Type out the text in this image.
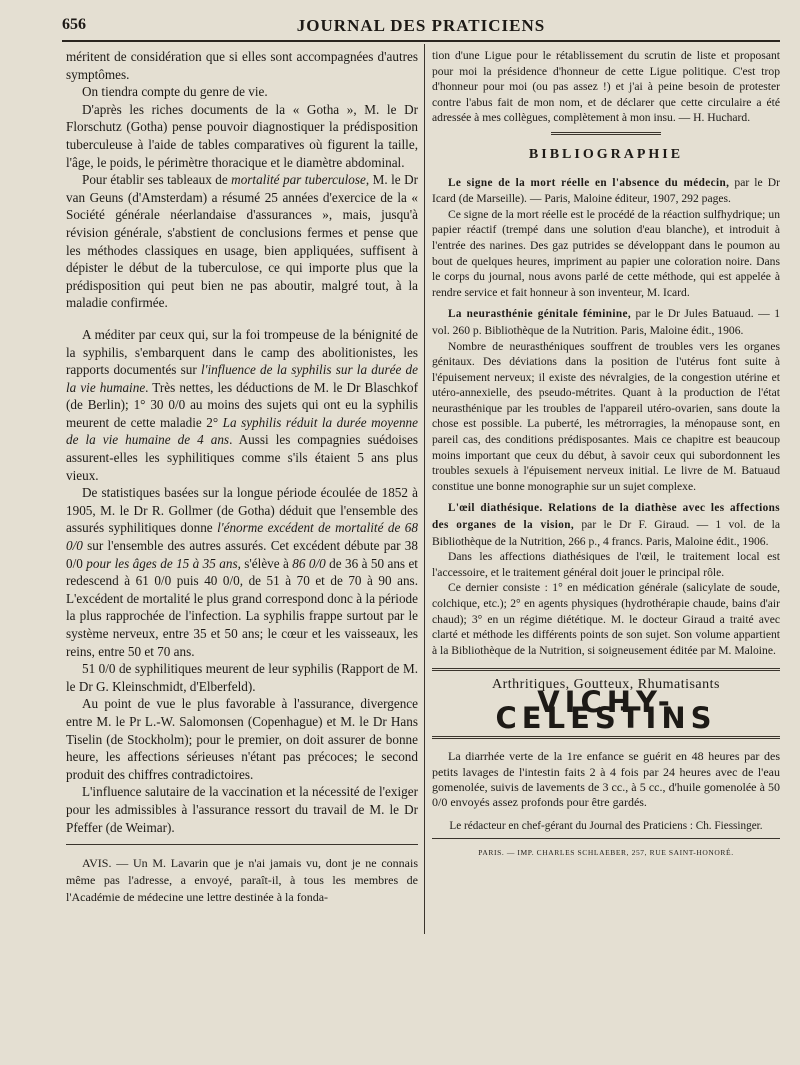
656	JOURNAL DES PRATICIENS

méritent de considération que si elles sont accompagnées d'autres symptômes.

On tiendra compte du genre de vie.

D'après les riches documents de la « Gotha », M. le Dr Florschutz (Gotha) pense pouvoir diagnostiquer la prédisposition tuberculeuse à l'aide de tables comparatives où figurent la taille, l'âge, le poids, le périmètre thoracique et le diamètre abdominal.

Pour établir ses tableaux de mortalité par tuberculose, M. le Dr van Geuns (d'Amsterdam) a résumé 25 années d'exercice de la « Société générale néerlandaise d'assurances », mais, jusqu'à révision générale, s'abstient de conclusions fermes et pense que les méthodes classiques en usage, bien appliquées, suffisent à dépister le début de la tuberculose, ce qui importe plus que la prédisposition qui peut bien ne pas aboutir, malgré tout, à la maladie confirmée.

A méditer par ceux qui, sur la foi trompeuse de la bénignité de la syphilis, s'embarquent dans le camp des abolitionistes, les rapports documentés sur l'influence de la syphilis sur la durée de la vie humaine. Très nettes, les déductions de M. le Dr Blaschkof (de Berlin); 1° 30 0/0 au moins des sujets qui ont eu la syphilis meurent de cette maladie 2° La syphilis réduit la durée moyenne de la vie humaine de 4 ans. Aussi les compagnies suédoises assurent-elles les syphilitiques comme s'ils étaient 5 ans plus vieux.

De statistiques basées sur la longue période écoulée de 1852 à 1905, M. le Dr R. Gollmer (de Gotha) déduit que l'ensemble des assurés syphilitiques donne l'énorme excédent de mortalité de 68 0/0 sur l'ensemble des autres assurés. Cet excédent débute par 38 0/0 pour les âges de 15 à 35 ans, s'élève à 86 0/0 de 36 à 50 ans et redescend à 61 0/0 puis 40 0/0, de 51 à 70 et de 70 à 90 ans. L'excédent de mortalité le plus grand correspond donc à la période la plus rapprochée de l'infection. La syphilis frappe surtout par le système nerveux, entre 35 et 50 ans; le cœur et les vaisseaux, les reins, entre 50 et 70 ans.

51 0/0 de syphilitiques meurent de leur syphilis (Rapport de M. le Dr G. Kleinschmidt, d'Elberfeld).

Au point de vue le plus favorable à l'assurance, divergence entre M. le Pr L.-W. Salomonsen (Copenhague) et M. le Dr Hans Tiselin (de Stockholm); pour le premier, on doit assurer de bonne heure, les affections sérieuses n'étant pas précoces; le second produit des chiffres contradictoires.

L'influence salutaire de la vaccination et la nécessité de l'exiger pour les admissibles à l'assurance ressort du travail de M. le Dr Pfeffer (de Weimar).

AVIS. — Un M. Lavarin que je n'ai jamais vu, dont je ne connais même pas l'adresse, a envoyé, paraît-il, à tous les membres de l'Académie de médecine une lettre destinée à la fonda-

tion d'une Ligue pour le rétablissement du scrutin de liste et proposant pour moi la présidence d'honneur de cette Ligue politique. C'est trop d'honneur pour moi (ou pas assez !) et j'ai à peine besoin de protester contre l'abus fait de mon nom, et de déclarer que cette circulaire a été adressée à mes collègues, complètement à mon insu. — H. Huchard.

BIBLIOGRAPHIE

Le signe de la mort réelle en l'absence du médecin, par le Dr Icard (de Marseille). — Paris, Maloine éditeur, 1907, 292 pages.

Ce signe de la mort réelle est le procédé de la réaction sulfhydrique; un papier réactif (trempé dans une solution d'eau blanche), et introduit à l'entrée des narines. Des gaz putrides se développant dans le poumon au bout de quelques heures, impriment au papier une coloration noire. Dans le corps du journal, nous avons parlé de cette méthode, qui est appelée à rendre service et fait honneur à son inventeur, M. Icard.

La neurasthénie génitale féminine, par le Dr Jules Batuaud. — 1 vol. 260 p. Bibliothèque de la Nutrition. Paris, Maloine édit., 1906.

Nombre de neurasthéniques souffrent de troubles vers les organes génitaux. Des déviations dans la position de l'utérus font suite à l'épuisement nerveux; il existe des névralgies, de la congestion utérine et utéro-annexielle, des pseudo-métrites. Quant à la production de l'état neurasthénique par les troubles de l'appareil utéro-ovarien, sans doute la chose est possible. La puberté, les métrorragies, la ménopause sont, en pareil cas, des conditions prédisposantes. Mais ce chapitre est beaucoup moins important que ceux du début, à savoir ceux qui subordonnent les troubles sexuels à l'épuisement nerveux initial. Le livre de M. Batuaud constitue une bonne monographie sur un sujet complexe.

L'œil diathésique. Relations de la diathèse avec les affections des organes de la vision, par le Dr F. Giraud. — 1 vol. de la Bibliothèque de la Nutrition, 266 p., 4 francs. Paris, Maloine édit., 1906.

Dans les affections diathésiques de l'œil, le traitement local est l'accessoire, et le traitement général doit jouer le principal rôle.

Ce dernier consiste : 1° en médication générale (salicylate de soude, colchique, etc.); 2° en agents physiques (hydrothérapie chaude, bains d'air chaud); 3° en un régime diététique. M. le docteur Giraud a traité avec clarté et méthode les différents points de son sujet. Son volume appartient à la Bibliothèque de la Nutrition, si soigneusement éditée par M. Maloine.

Arthritiques, Goutteux, Rhumatisants
VICHY-CELESTINS

La diarrhée verte de la 1re enfance se guérit en 48 heures par des petits lavages de l'intestin faits 2 à 4 fois par 24 heures avec de l'eau gomenolée, suivis de lavements de 3 cc., à 5 cc., d'huile gomenolée à 50 0/0 envoyés assez profonds pour être gardés.

Le rédacteur en chef-gérant du Journal des Praticiens : Ch. Fiessinger.
PARIS. — IMP. CHARLES SCHLAEBER, 257, RUE SAINT-HONORÉ.
